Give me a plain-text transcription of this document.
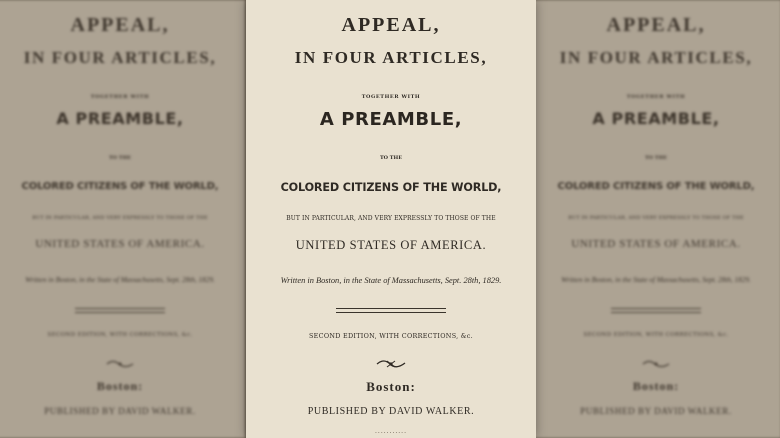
APPEAL,
IN FOUR ARTICLES,
TOGETHER WITH
A PREAMBLE,
TO THE
COLORED CITIZENS OF THE WORLD,
BUT IN PARTICULAR, AND VERY EXPRESSLY TO THOSE OF THE
UNITED STATES OF AMERICA.
Written in Boston, in the State of Massachusetts, Sept. 28th, 1829.
SECOND EDITION, WITH CORRECTIONS, &c.
Boston:
PUBLISHED BY DAVID WALKER.
APPEAL,
IN FOUR ARTICLES,
TOGETHER WITH
A PREAMBLE,
TO THE
COLORED CITIZENS OF THE WORLD,
BUT IN PARTICULAR, AND VERY EXPRESSLY TO THOSE OF THE
UNITED STATES OF AMERICA.
Written in Boston, in the State of Massachusetts, Sept. 28th, 1829.
SECOND EDITION, WITH CORRECTIONS, &c.
Boston:
PUBLISHED BY DAVID WALKER.
APPEAL,
IN FOUR ARTICLES,
TOGETHER WITH
A PREAMBLE,
TO THE
COLORED CITIZENS OF THE WORLD,
BUT IN PARTICULAR, AND VERY EXPRESSLY TO THOSE OF THE
UNITED STATES OF AMERICA.
Written in Boston, in the State of Massachusetts, Sept. 28th, 1829.
SECOND EDITION, WITH CORRECTIONS, &c.
Boston:
PUBLISHED BY DAVID WALKER.
...........
